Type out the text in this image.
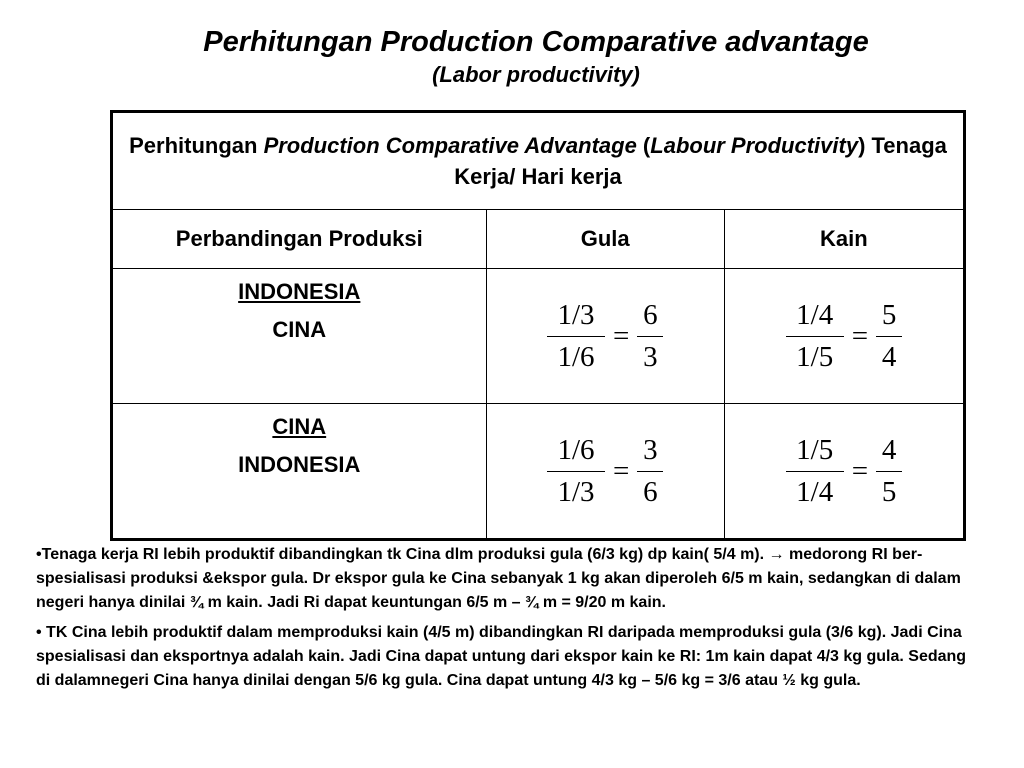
Perhitungan Production Comparative advantage
(Labor productivity)
Perhitungan Production Comparative Advantage (Labour Productivity) Tenaga Kerja/ Hari kerja		
Perbandingan Produksi	Gula	Kain

INDONESIA
CINA	$\frac{1/3}{1/6} = \frac{6}{3}$	$\frac{1/4}{1/5} = \frac{5}{4}$

CINA
INDONESIA	$\frac{1/6}{1/3} = \frac{3}{6}$	$\frac{1/5}{1/4} = \frac{4}{5}$

•Tenaga kerja RI lebih produktif dibandingkan tk Cina dlm produksi gula (6/3 kg) dp kain( 5/4 m). → medorong RI ber-spesialisasi produksi &ekspor gula. Dr ekspor gula ke Cina sebanyak 1 kg akan diperoleh 6/5 m kain, sedangkan di dalam negeri hanya dinilai ¾ m kain. Jadi Ri dapat keuntungan 6/5 m – ¾ m = 9/20 m kain.

• TK Cina lebih produktif dalam memproduksi kain (4/5 m) dibandingkan RI daripada memproduksi gula (3/6 kg). Jadi Cina spesialisasi dan eksportnya adalah kain. Jadi Cina dapat untung dari ekspor kain ke RI: 1m kain dapat 4/3 kg gula. Sedang di dalamnegeri Cina hanya dinilai dengan 5/6 kg gula. Cina dapat untung 4/3 kg – 5/6 kg = 3/6 atau ½ kg gula.
